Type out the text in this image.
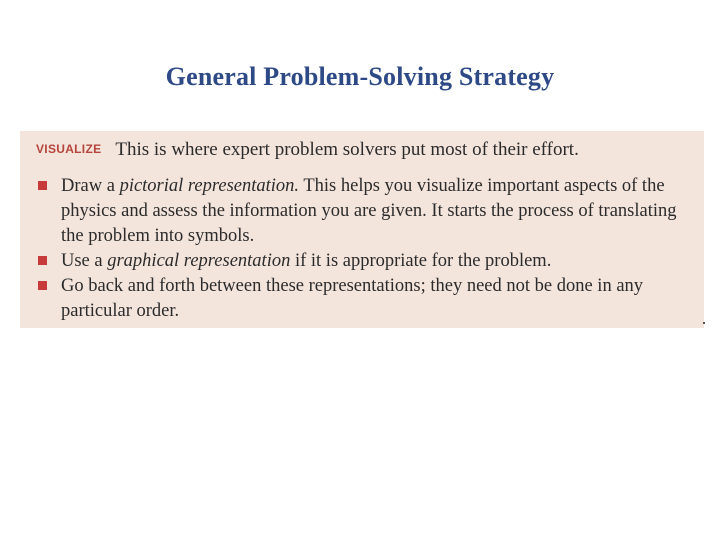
General Problem-Solving Strategy
VISUALIZE This is where expert problem solvers put most of their effort.
Draw a pictorial representation. This helps you visualize important aspects of the physics and assess the information you are given. It starts the process of translating the problem into symbols.
Use a graphical representation if it is appropriate for the problem.
Go back and forth between these representations; they need not be done in any particular order.
